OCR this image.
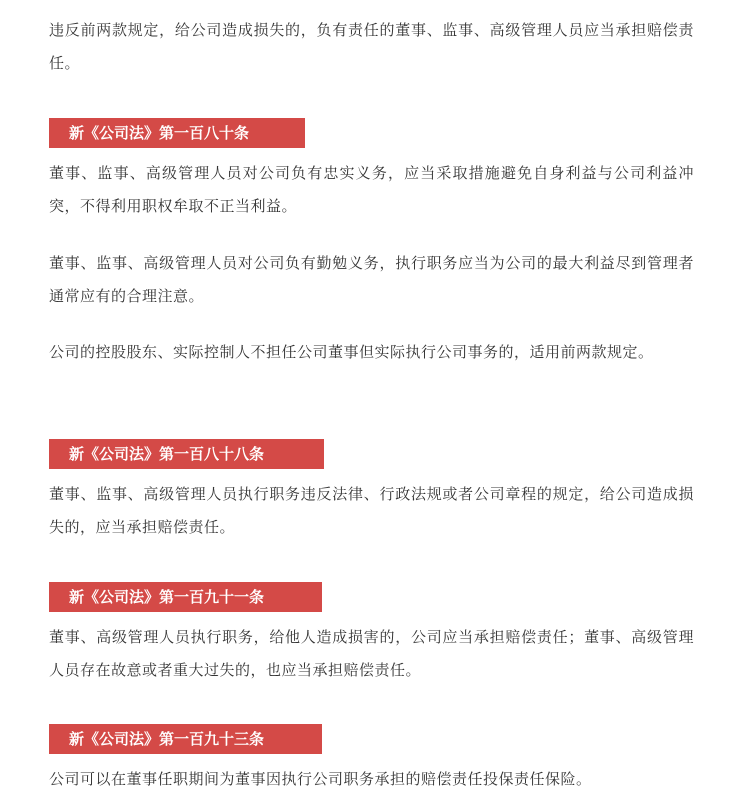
违反前两款规定，给公司造成损失的，负有责任的董事、监事、高级管理人员应当承担赔偿责任。

新《公司法》第一百八十条

董事、监事、高级管理人员对公司负有忠实义务，应当采取措施避免自身利益与公司利益冲突，不得利用职权牟取不正当利益。

董事、监事、高级管理人员对公司负有勤勉义务，执行职务应当为公司的最大利益尽到管理者通常应有的合理注意。

公司的控股股东、实际控制人不担任公司董事但实际执行公司事务的，适用前两款规定。

新《公司法》第一百八十八条

董事、监事、高级管理人员执行职务违反法律、行政法规或者公司章程的规定，给公司造成损失的，应当承担赔偿责任。

新《公司法》第一百九十一条

董事、高级管理人员执行职务，给他人造成损害的，公司应当承担赔偿责任；董事、高级管理人员存在故意或者重大过失的，也应当承担赔偿责任。

新《公司法》第一百九十三条

公司可以在董事任职期间为董事因执行公司职务承担的赔偿责任投保责任保险。
